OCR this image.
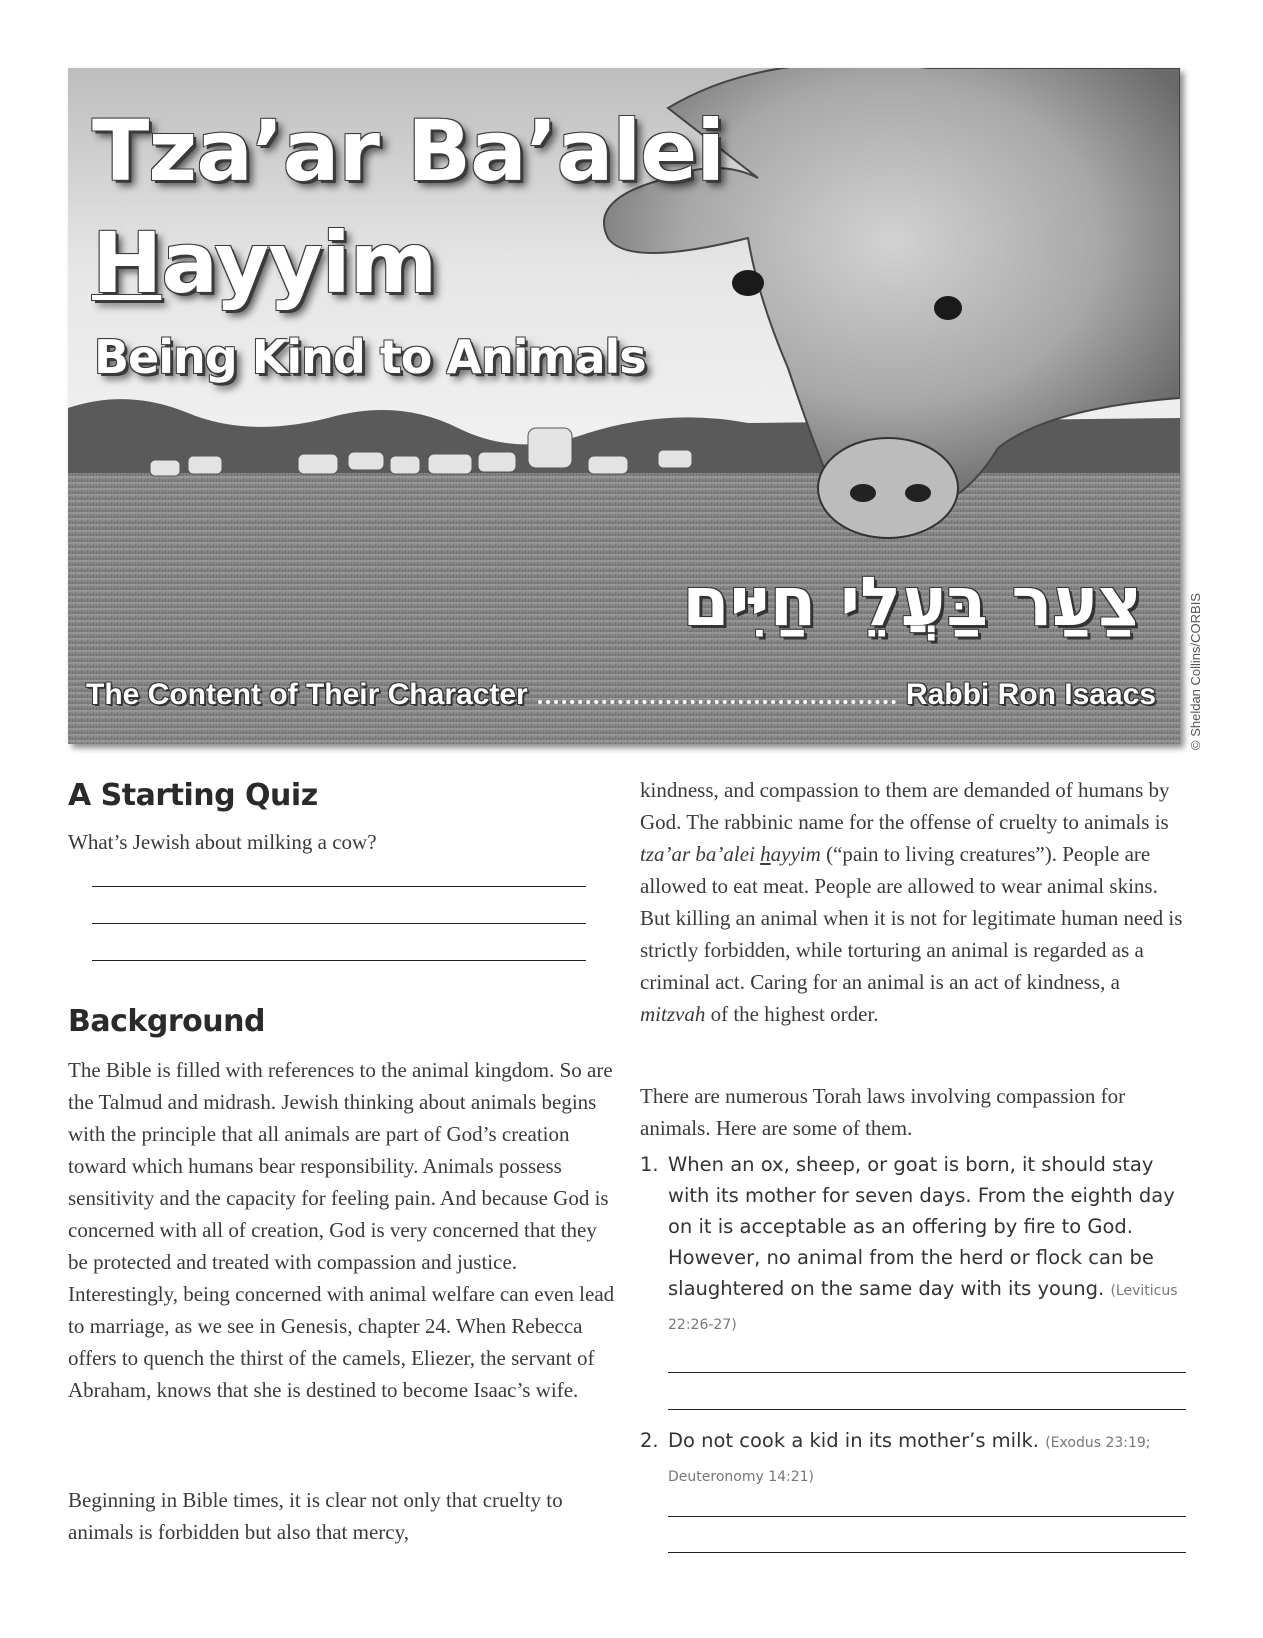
Tza’ar Ba’alei
Hayyim
Being Kind to Animals
צַעַר בַּעֲלֵי חַיִּים
The Content of Their Character	Rabbi Ron Isaacs © Sheldan Collins/CORBIS
A Starting Quiz

What’s Jewish about milking a cow?

Background

The Bible is filled with references to the animal kingdom. So are the Talmud and midrash. Jewish thinking about animals begins with the principle that all animals are part of God’s creation toward which humans bear responsibility. Animals possess sensitivity and the capacity for feeling pain. And because God is concerned with all of creation, God is very concerned that they be protected and treated with compassion and justice. Interestingly, being concerned with animal welfare can even lead to marriage, as we see in Genesis, chapter 24. When Rebecca offers to quench the thirst of the camels, Eliezer, the servant of Abraham, knows that she is destined to become Isaac’s wife.

Beginning in Bible times, it is clear not only that cruelty to animals is forbidden but also that mercy,

kindness, and compassion to them are demanded of humans by God. The rabbinic name for the offense of cruelty to animals is tza’ar ba’alei hayyim (“pain to living creatures”). People are allowed to eat meat. People are allowed to wear animal skins. But killing an animal when it is not for legitimate human need is strictly forbidden, while torturing an animal is regarded as a criminal act. Caring for an animal is an act of kindness, a mitzvah of the highest order.

There are numerous Torah laws involving compassion for animals. Here are some of them.

1. When an ox, sheep, or goat is born, it should stay with its mother for seven days. From the eighth day on it is acceptable as an offering by fire to God. However, no animal from the herd or flock can be slaughtered on the same day with its young. (Leviticus 22:26-27)
2. Do not cook a kid in its mother’s milk. (Exodus 23:19; Deuteronomy 14:21)
